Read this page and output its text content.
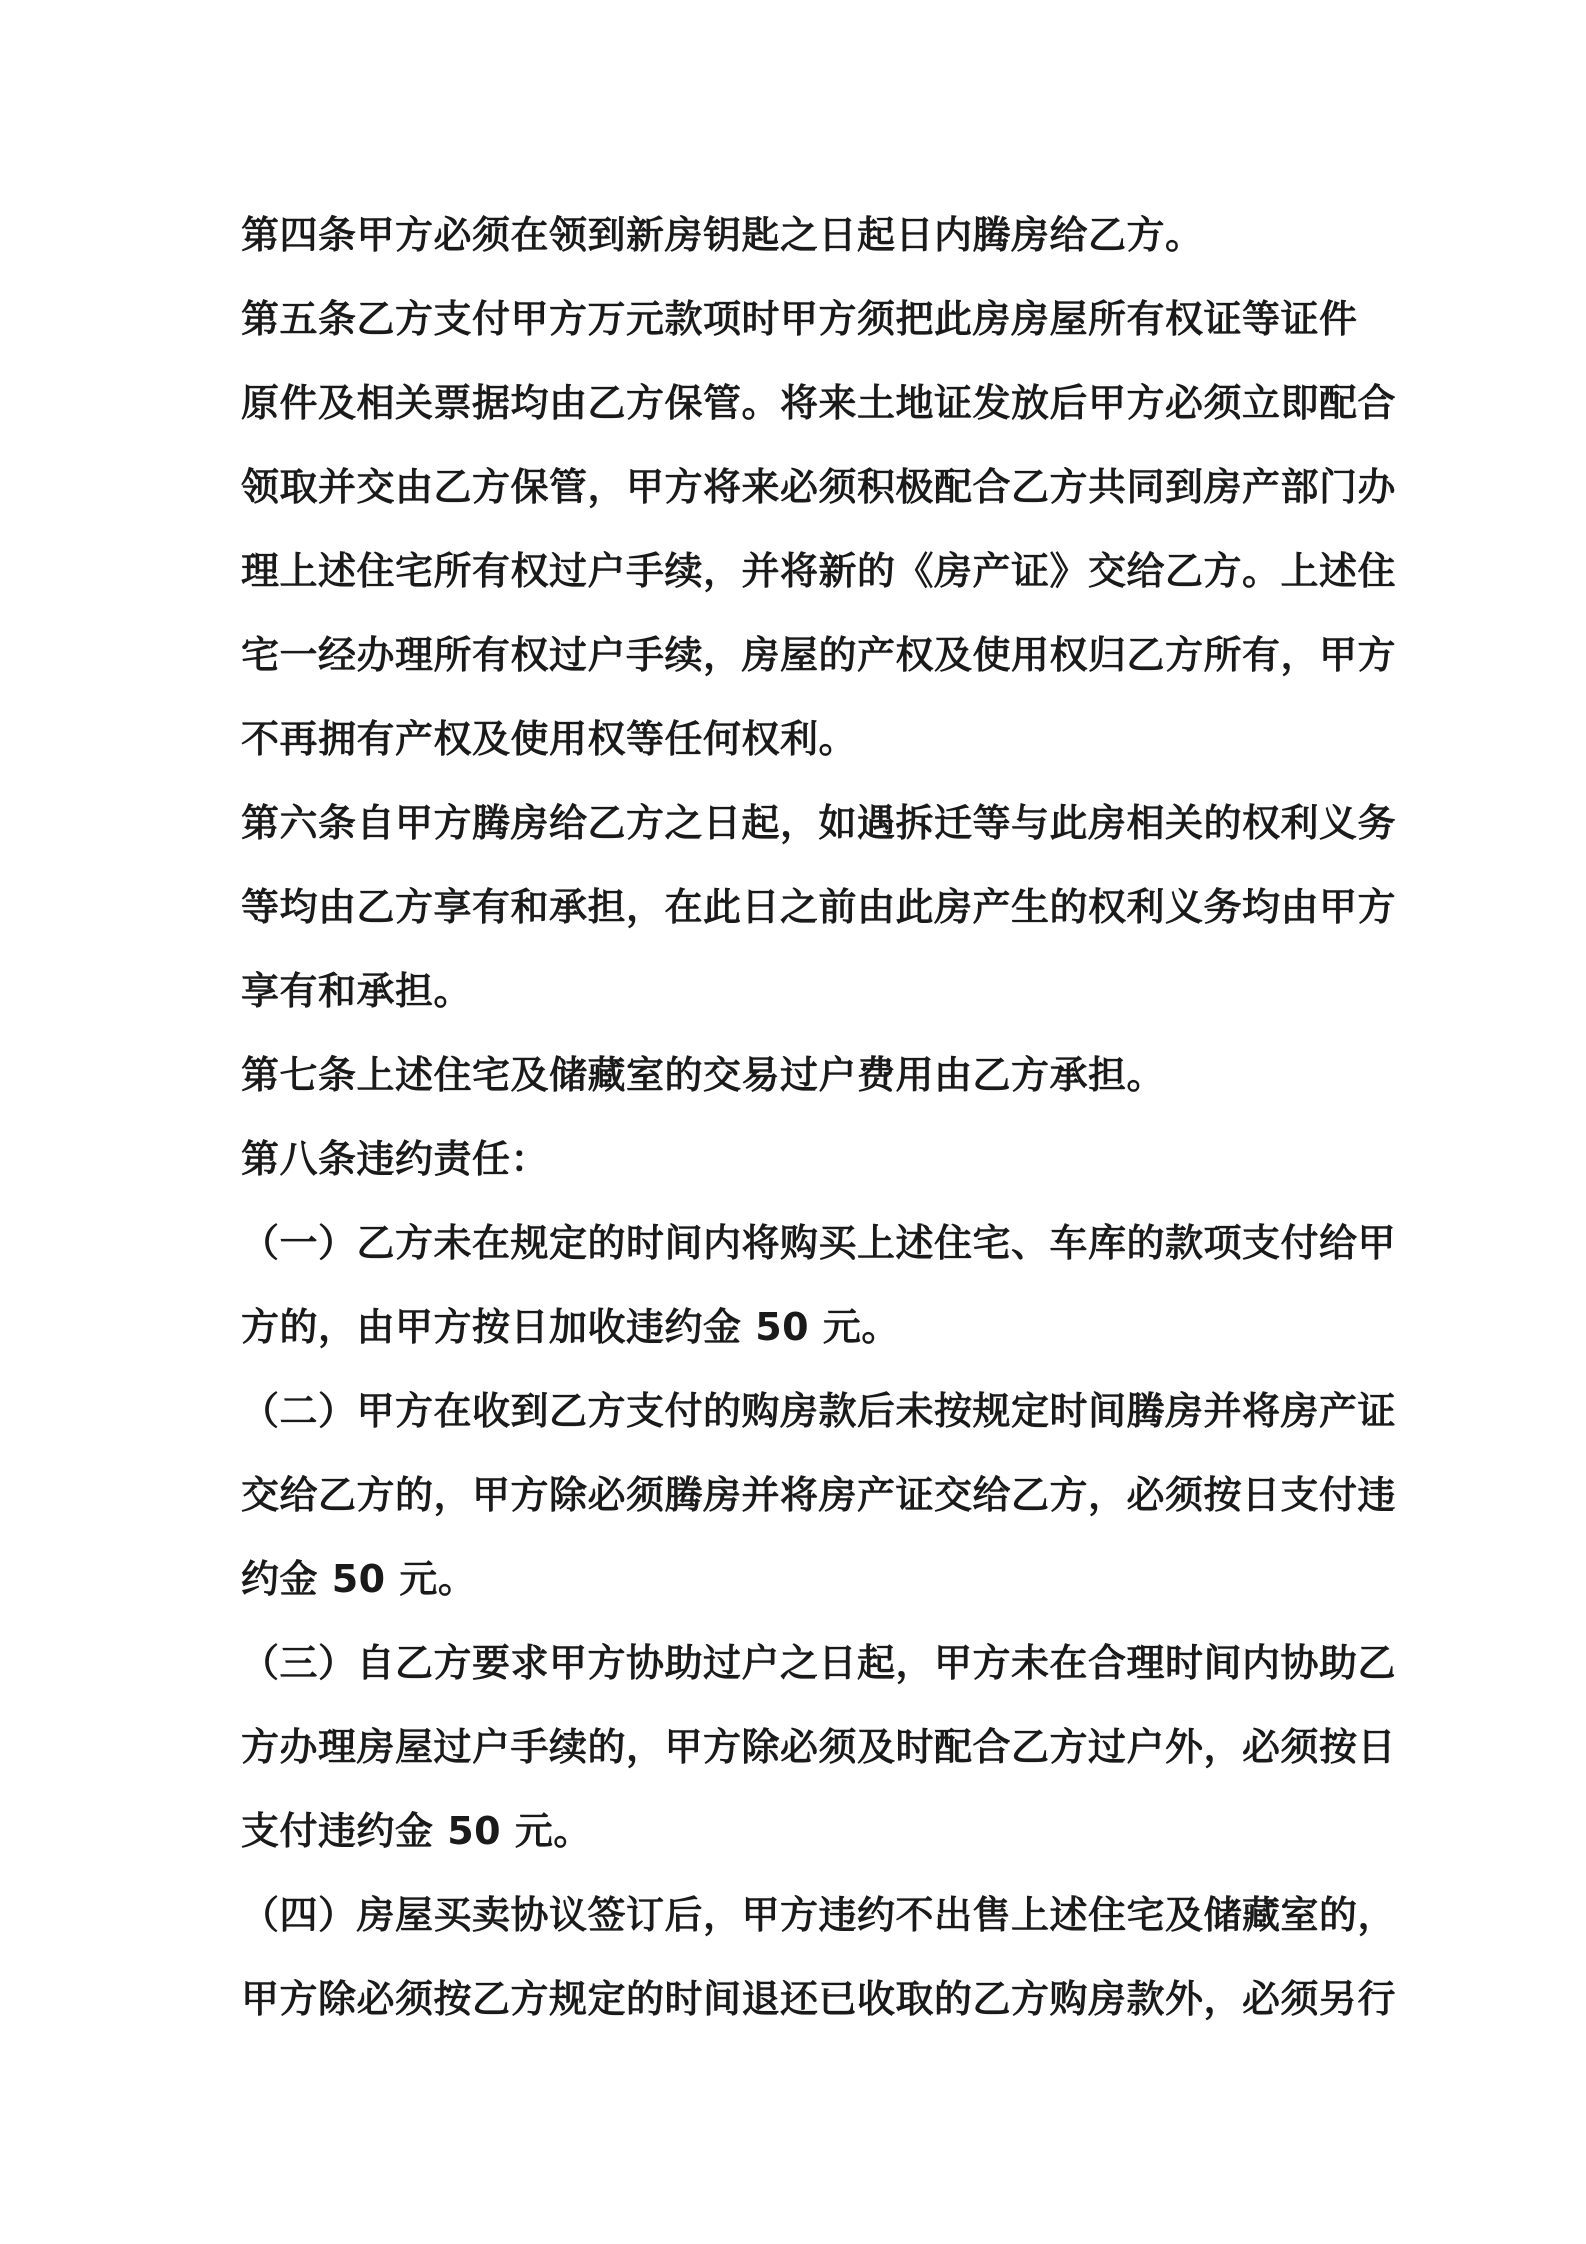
第四条甲方必须在领到新房钥匙之日起日内腾房给乙方。
第五条乙方支付甲方万元款项时甲方须把此房房屋所有权证等证件
原件及相关票据均由乙方保管。将来土地证发放后甲方必须立即配合
领取并交由乙方保管，甲方将来必须积极配合乙方共同到房产部门办
理上述住宅所有权过户手续，并将新的《房产证》交给乙方。上述住
宅一经办理所有权过户手续，房屋的产权及使用权归乙方所有，甲方
不再拥有产权及使用权等任何权利。
第六条自甲方腾房给乙方之日起，如遇拆迁等与此房相关的权利义务
等均由乙方享有和承担，在此日之前由此房产生的权利义务均由甲方
享有和承担。
第七条上述住宅及储藏室的交易过户费用由乙方承担。
第八条违约责任：
（一）乙方未在规定的时间内将购买上述住宅、车库的款项支付给甲
方的，由甲方按日加收违约金 50 元。
（二）甲方在收到乙方支付的购房款后未按规定时间腾房并将房产证
交给乙方的，甲方除必须腾房并将房产证交给乙方，必须按日支付违
约金 50 元。
（三）自乙方要求甲方协助过户之日起，甲方未在合理时间内协助乙
方办理房屋过户手续的，甲方除必须及时配合乙方过户外，必须按日
支付违约金 50 元。
（四）房屋买卖协议签订后，甲方违约不出售上述住宅及储藏室的，
甲方除必须按乙方规定的时间退还已收取的乙方购房款外，必须另行
